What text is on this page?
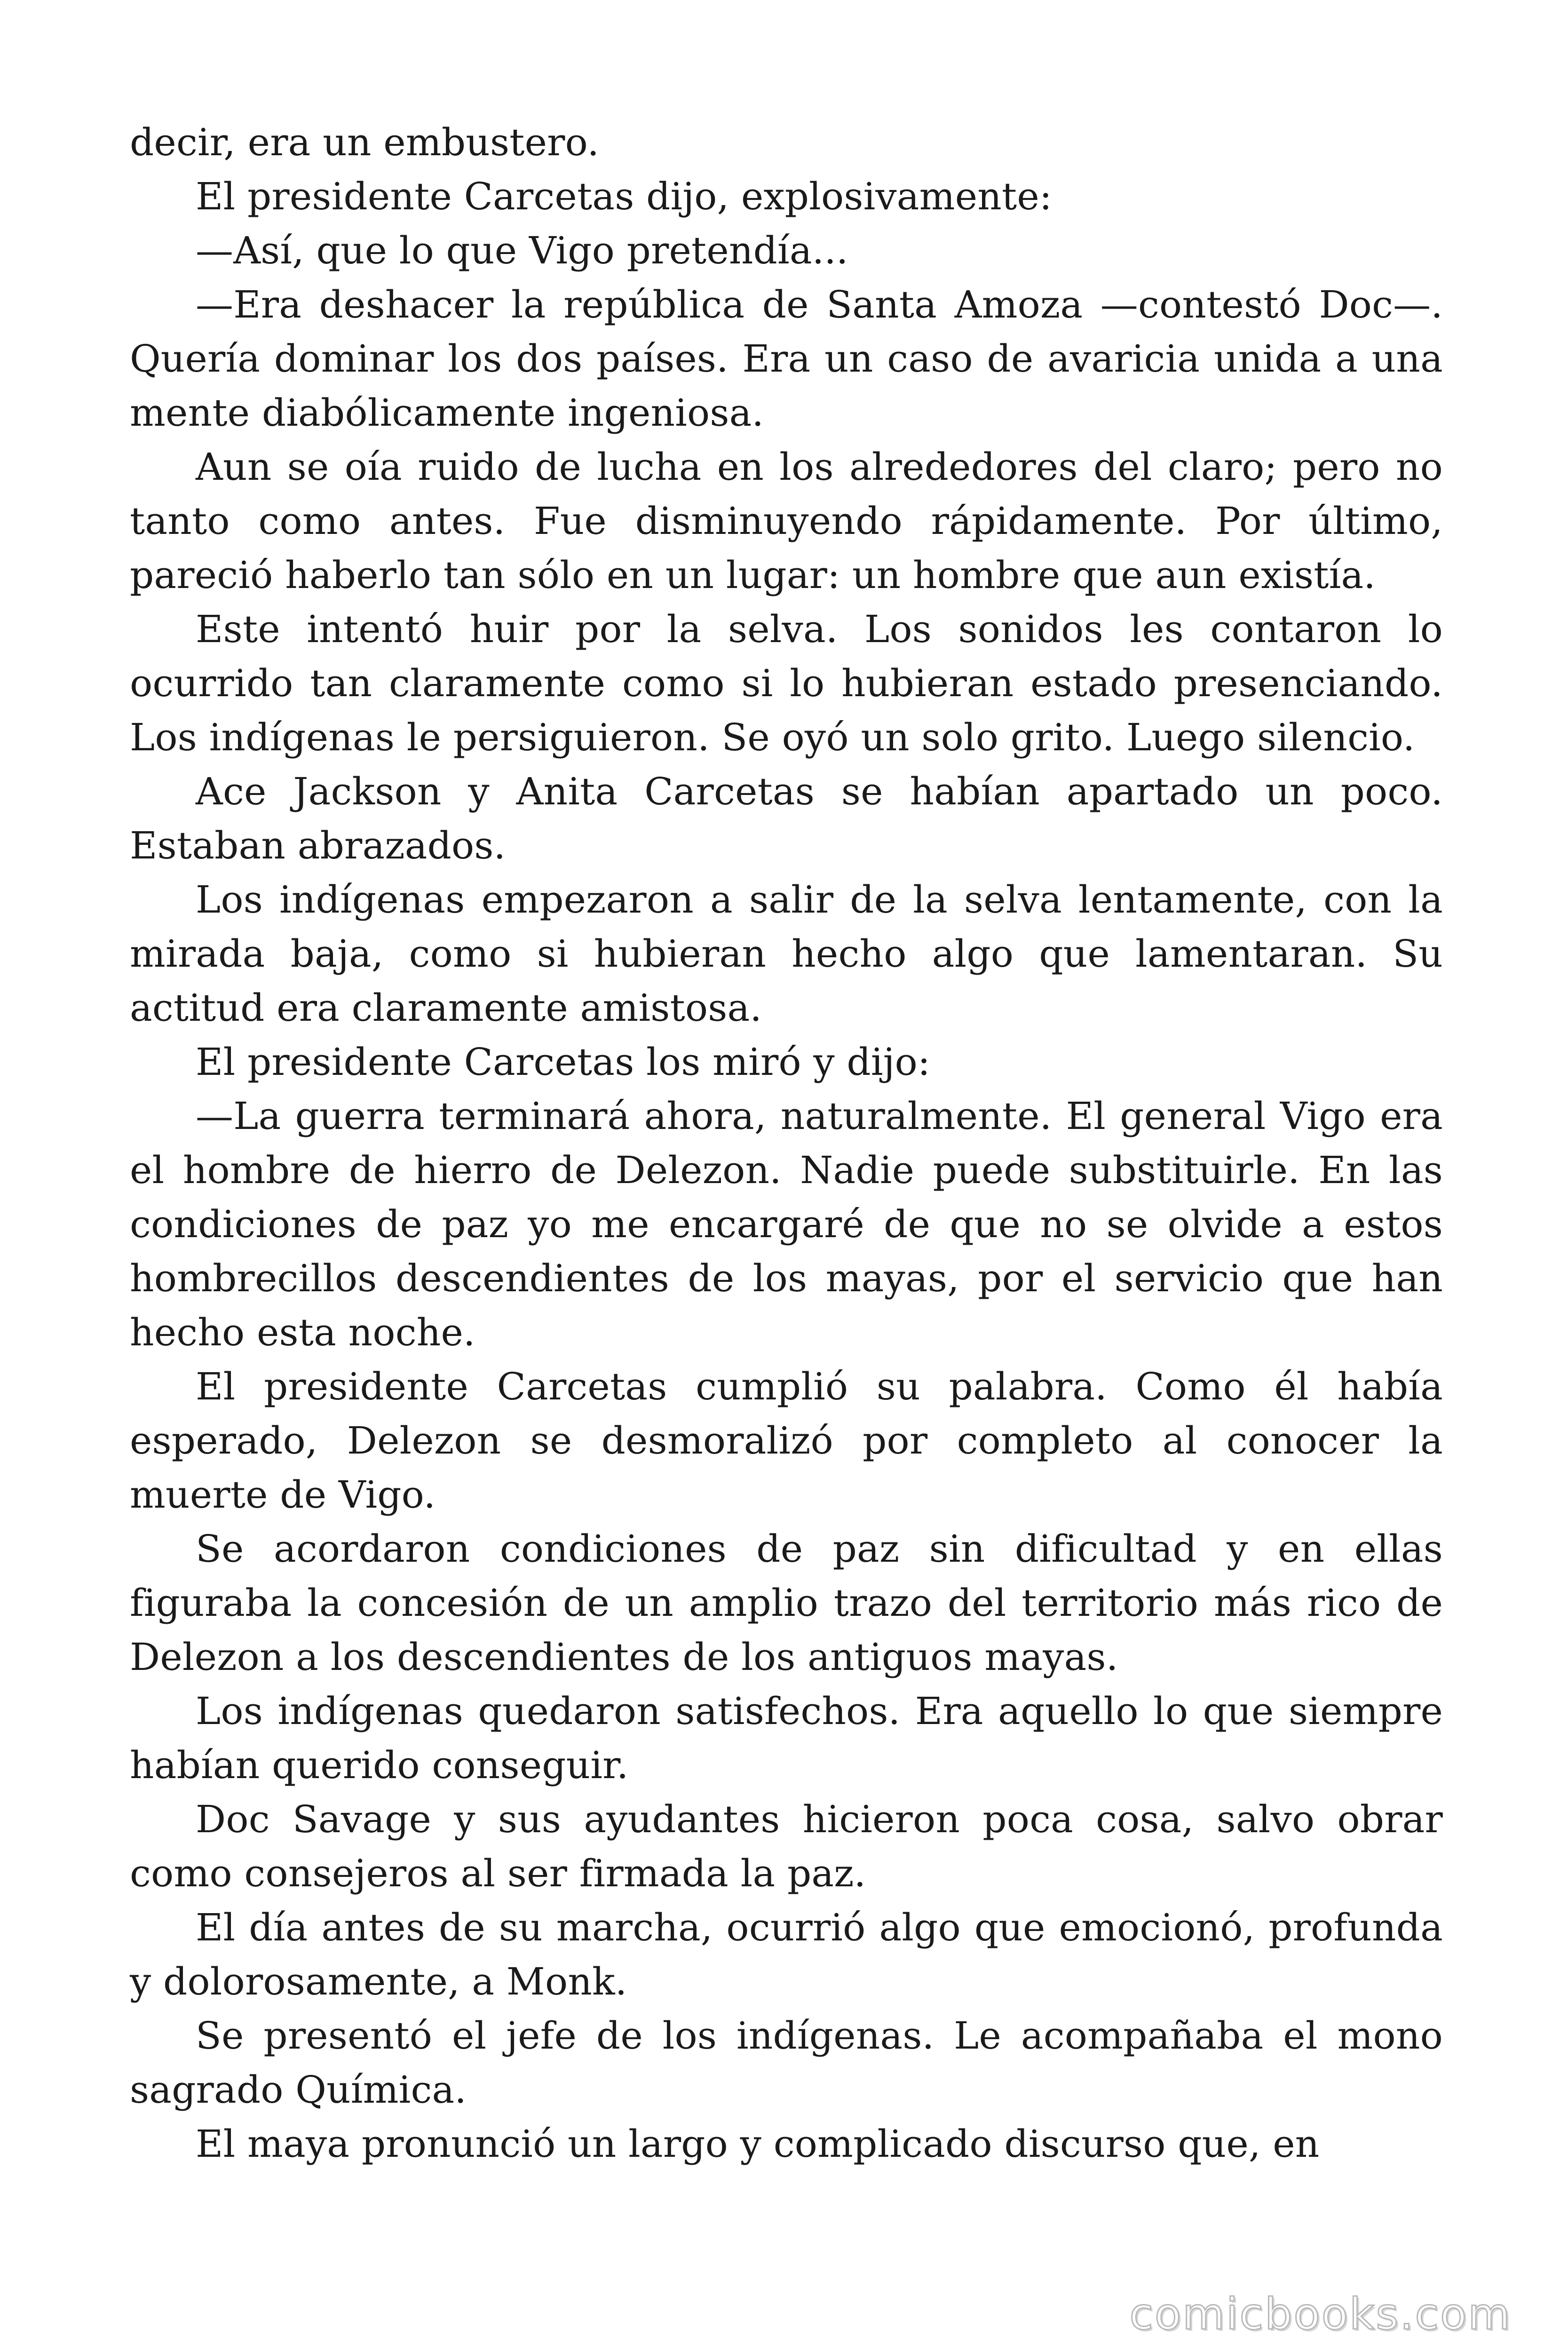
decir, era un embustero.

El presidente Carcetas dijo, explosivamente:

—Así, que lo que Vigo pretendía...

—Era deshacer la república de Santa Amoza —contestó Doc—. Quería dominar los dos países. Era un caso de avaricia unida a una mente diabólicamente ingeniosa.

Aun se oía ruido de lucha en los alrededores del claro; pero no tanto como antes. Fue disminuyendo rápidamente. Por último, pareció haberlo tan sólo en un lugar: un hombre que aun existía.

Este intentó huir por la selva. Los sonidos les contaron lo ocurrido tan claramente como si lo hubieran estado presenciando. Los indígenas le persiguieron. Se oyó un solo grito. Luego silencio.

Ace Jackson y Anita Carcetas se habían apartado un poco. Estaban abrazados.

Los indígenas empezaron a salir de la selva lentamente, con la mirada baja, como si hubieran hecho algo que lamentaran. Su actitud era claramente amistosa.

El presidente Carcetas los miró y dijo:

—La guerra terminará ahora, naturalmente. El general Vigo era el hombre de hierro de Delezon. Nadie puede substituirle. En las condiciones de paz yo me encargaré de que no se olvide a estos hombrecillos descendientes de los mayas, por el servicio que han hecho esta noche.

El presidente Carcetas cumplió su palabra. Como él había esperado, Delezon se desmoralizó por completo al conocer la muerte de Vigo.

Se acordaron condiciones de paz sin dificultad y en ellas figuraba la concesión de un amplio trazo del territorio más rico de Delezon a los descendientes de los antiguos mayas.

Los indígenas quedaron satisfechos. Era aquello lo que siempre habían querido conseguir.

Doc Savage y sus ayudantes hicieron poca cosa, salvo obrar como consejeros al ser firmada la paz.

El día antes de su marcha, ocurrió algo que emocionó, profunda y dolorosamente, a Monk.

Se presentó el jefe de los indígenas. Le acompañaba el mono sagrado Química.

El maya pronunció un largo y complicado discurso que, en

comicbooks.com
